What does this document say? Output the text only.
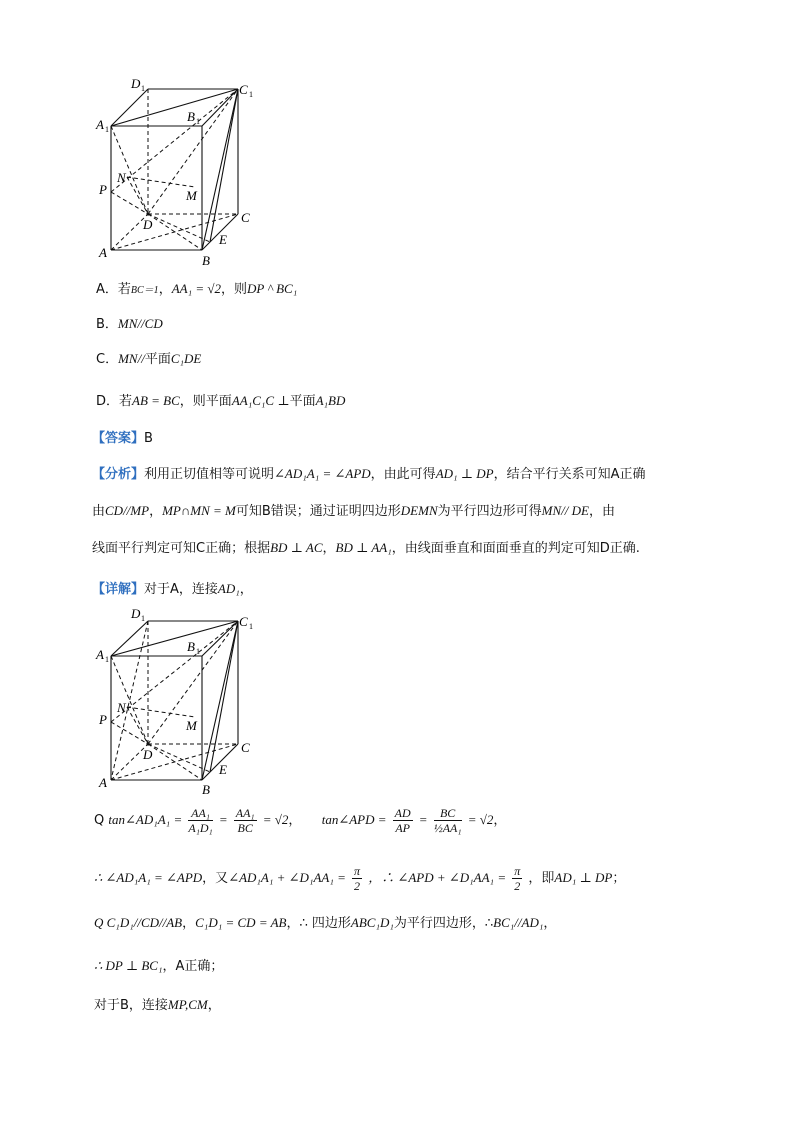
D 1	C 1
A 1
B 1
N
M
P
D	C
E
A
B
A．若BC＝1，AA₁ = √2，则DP ^ BC₁
B．MN//CD
C．MN//平面C₁DE
D．若AB = BC，则平面AA₁C₁C ⊥平面A₁BD
【答案】B
【分析】利用正切值相等可说明∠AD₁A₁ = ∠APD，由此可得AD₁ ⊥ DP，结合平行关系可知A正确
由CD//MP，MP∩MN = M可知B错误；通过证明四边形DEMN为平行四边形可得MN// DE，由
线面平行判定可知C正确；根据BD ⊥ AC，BD ⊥ AA₁，由线面垂直和面面垂直的判定可知D正确.
【详解】对于A，连接AD₁，
D 1	C 1
A 1
B 1
N
M
P
D	C
E
A	B
Q tan∠AD₁A₁ = $\frac{\text{AA₁}}{\text{A₁D₁}} = \frac{\text{AA₁}}{BC} = √2$， tan∠APD = $\frac{AD}{AP} = \frac{BC}{\text{½AA₁}} = √2$，
∴ ∠AD₁A₁ = ∠APD，又∠AD₁A₁ + ∠D₁AA₁ = $\frac{\pi}{2}$ ，∴ ∠APD + ∠D₁AA₁ = $\frac{\pi}{2}$ ，即AD₁ ⊥ DP；
Q C₁D₁//CD//AB，C₁D₁ = CD = AB，∴ 四边形ABC₁D₁为平行四边形，∴BC₁//AD₁，
∴ DP ⊥ BC₁，A正确；
对于B，连接MP,CM，
